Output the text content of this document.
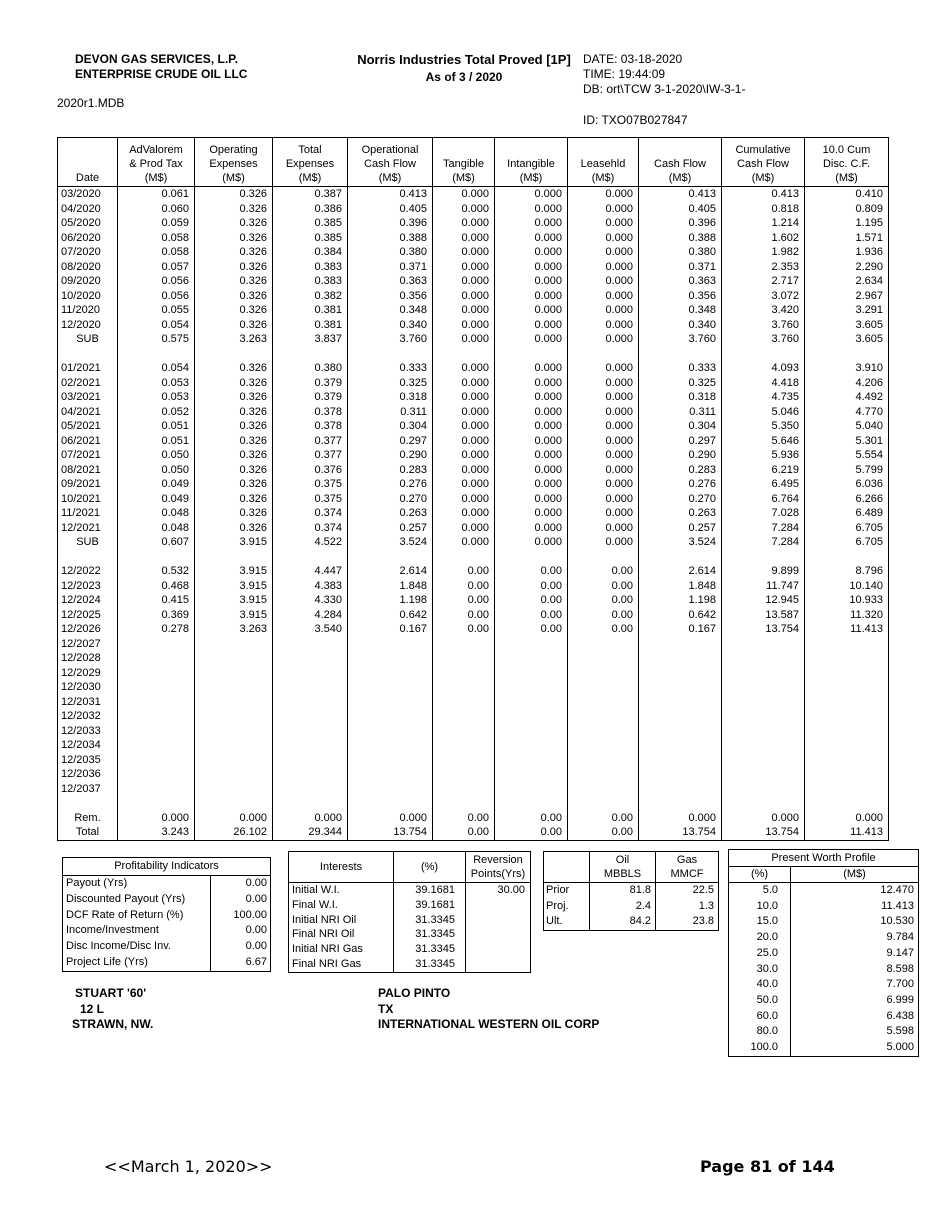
DEVON GAS SERVICES, L.P.
ENTERPRISE CRUDE OIL LLC
Norris Industries Total Proved [1P]
As of 3 / 2020
DATE: 03-18-2020
TIME: 19:44:09
DB: ort\TCW 3-1-2020\IW-3-1-
2020r1.MDB
ID: TXO07B027847
Date

AdValorem
& Prod Tax
(M$)

Operating
Expenses
(M$)

Total
Expenses
(M$)

Operational
Cash Flow
(M$)

Tangible
(M$)

Intangible
(M$)

Leasehld
(M$)

Cash Flow
(M$)

Cumulative
Cash Flow
(M$)

10.0 Cum
Disc. C.F.
(M$)

03/2020	0.061	0.326	0.387	0.413	0.000	0.000	0.000	0.413	0.413	0.410
04/2020	0.060	0.326	0.386	0.405	0.000	0.000	0.000	0.405	0.818	0.809
05/2020	0.059	0.326	0.385	0.396	0.000	0.000	0.000	0.396	1.214	1.195
06/2020	0.058	0.326	0.385	0.388	0.000	0.000	0.000	0.388	1.602	1.571
07/2020	0.058	0.326	0.384	0.380	0.000	0.000	0.000	0.380	1.982	1.936
08/2020	0.057	0.326	0.383	0.371	0.000	0.000	0.000	0.371	2.353	2.290
09/2020	0.056	0.326	0.383	0.363	0.000	0.000	0.000	0.363	2.717	2.634
10/2020	0.056	0.326	0.382	0.356	0.000	0.000	0.000	0.356	3.072	2.967
11/2020	0.055	0.326	0.381	0.348	0.000	0.000	0.000	0.348	3.420	3.291
12/2020	0.054	0.326	0.381	0.340	0.000	0.000	0.000	0.340	3.760	3.605
SUB	0.575	3.263	3.837	3.760	0.000	0.000	0.000	3.760	3.760	3.605

01/2021	0.054	0.326	0.380	0.333	0.000	0.000	0.000	0.333	4.093	3.910
02/2021	0.053	0.326	0.379	0.325	0.000	0.000	0.000	0.325	4.418	4.206
03/2021	0.053	0.326	0.379	0.318	0.000	0.000	0.000	0.318	4.735	4.492
04/2021	0.052	0.326	0.378	0.311	0.000	0.000	0.000	0.311	5.046	4.770
05/2021	0.051	0.326	0.378	0.304	0.000	0.000	0.000	0.304	5.350	5.040
06/2021	0.051	0.326	0.377	0.297	0.000	0.000	0.000	0.297	5.646	5.301
07/2021	0.050	0.326	0.377	0.290	0.000	0.000	0.000	0.290	5.936	5.554
08/2021	0.050	0.326	0.376	0.283	0.000	0.000	0.000	0.283	6.219	5.799
09/2021	0.049	0.326	0.375	0.276	0.000	0.000	0.000	0.276	6.495	6.036
10/2021	0.049	0.326	0.375	0.270	0.000	0.000	0.000	0.270	6.764	6.266
11/2021	0.048	0.326	0.374	0.263	0.000	0.000	0.000	0.263	7.028	6.489
12/2021	0.048	0.326	0.374	0.257	0.000	0.000	0.000	0.257	7.284	6.705
SUB	0.607	3.915	4.522	3.524	0.000	0.000	0.000	3.524	7.284	6.705

12/2022	0.532	3.915	4.447	2.614	0.00	0.00	0.00	2.614	9.899	8.796
12/2023	0.468	3.915	4.383	1.848	0.00	0.00	0.00	1.848	11.747	10.140
12/2024	0.415	3.915	4.330	1.198	0.00	0.00	0.00	1.198	12.945	10.933
12/2025	0.369	3.915	4.284	0.642	0.00	0.00	0.00	0.642	13.587	11.320
12/2026	0.278	3.263	3.540	0.167	0.00	0.00	0.00	0.167	13.754	11.413
12/2027										
12/2028										
12/2029										
12/2030										
12/2031										
12/2032										
12/2033										
12/2034										
12/2035										
12/2036										
12/2037										

Rem.	0.000	0.000	0.000	0.000	0.00	0.00	0.00	0.000	0.000	0.000
Total	3.243	26.102	29.344	13.754	0.00	0.00	0.00	13.754	13.754	11.413
Profitability Indicators	
Payout (Yrs)	0.00
Discounted Payout (Yrs)	0.00
DCF Rate of Return (%)	100.00
Income/Investment	0.00
Disc Income/Disc Inv.	0.00
Project Life (Yrs)	6.67
Interests	(%)	Reversion
Points(Yrs)

Initial W.I.	39.1681	30.00
Final W.I.	39.1681	
Initial NRI Oil	31.3345	
Final NRI Oil	31.3345	
Initial NRI Gas	31.3345	
Final NRI Gas	31.3345	

Oil
MBBLS

Gas
MMCF

Prior	81.8	22.5
Proj.	2.4	1.3
Ult.	84.2	23.8
Present Worth Profile	
(%)	(M$)
5.0	12.470
10.0	11.413
15.0	10.530
20.0	9.784
25.0	9.147
30.0	8.598
40.0	7.700
50.0	6.999
60.0	6.438
80.0	5.598
100.0	5.000
STUART '60'
12 L
STRAWN, NW.
PALO PINTO
TX
INTERNATIONAL WESTERN OIL CORP
<<March 1, 2020>>	Page 81 of 144
